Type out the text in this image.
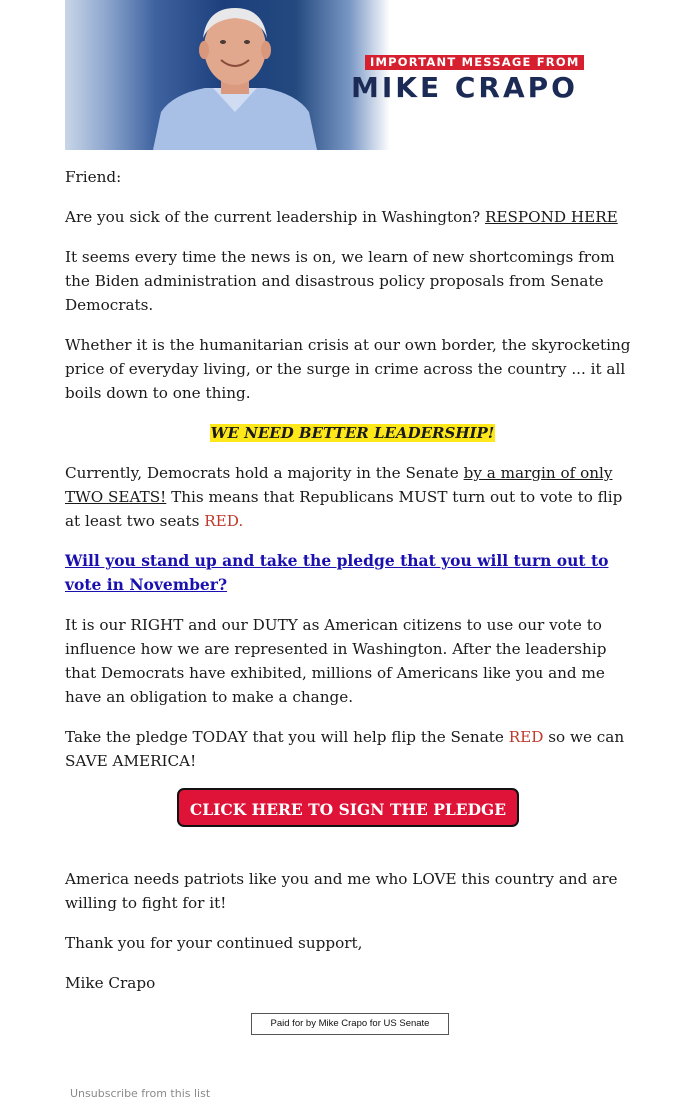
IMPORTANT MESSAGE FROM
MIKE CRAPO

Friend:

Are you sick of the current leadership in Washington? RESPOND HERE

It seems every time the news is on, we learn of new shortcomings from the Biden administration and disastrous policy proposals from Senate Democrats.

Whether it is the humanitarian crisis at our own border, the skyrocketing price of everyday living, or the surge in crime across the country ... it all boils down to one thing.

WE NEED BETTER LEADERSHIP!

Currently, Democrats hold a majority in the Senate by a margin of only TWO SEATS! This means that Republicans MUST turn out to vote to flip at least two seats RED.

Will you stand up and take the pledge that you will turn out to vote in November?

It is our RIGHT and our DUTY as American citizens to use our vote to influence how we are represented in Washington. After the leadership that Democrats have exhibited, millions of Americans like you and me have an obligation to make a change.

Take the pledge TODAY that you will help flip the Senate RED so we can SAVE AMERICA!

CLICK HERE TO SIGN THE PLEDGE

America needs patriots like you and me who LOVE this country and are willing to fight for it!

Thank you for your continued support,

Mike Crapo

Paid for by Mike Crapo for US Senate
Unsubscribe from this list
